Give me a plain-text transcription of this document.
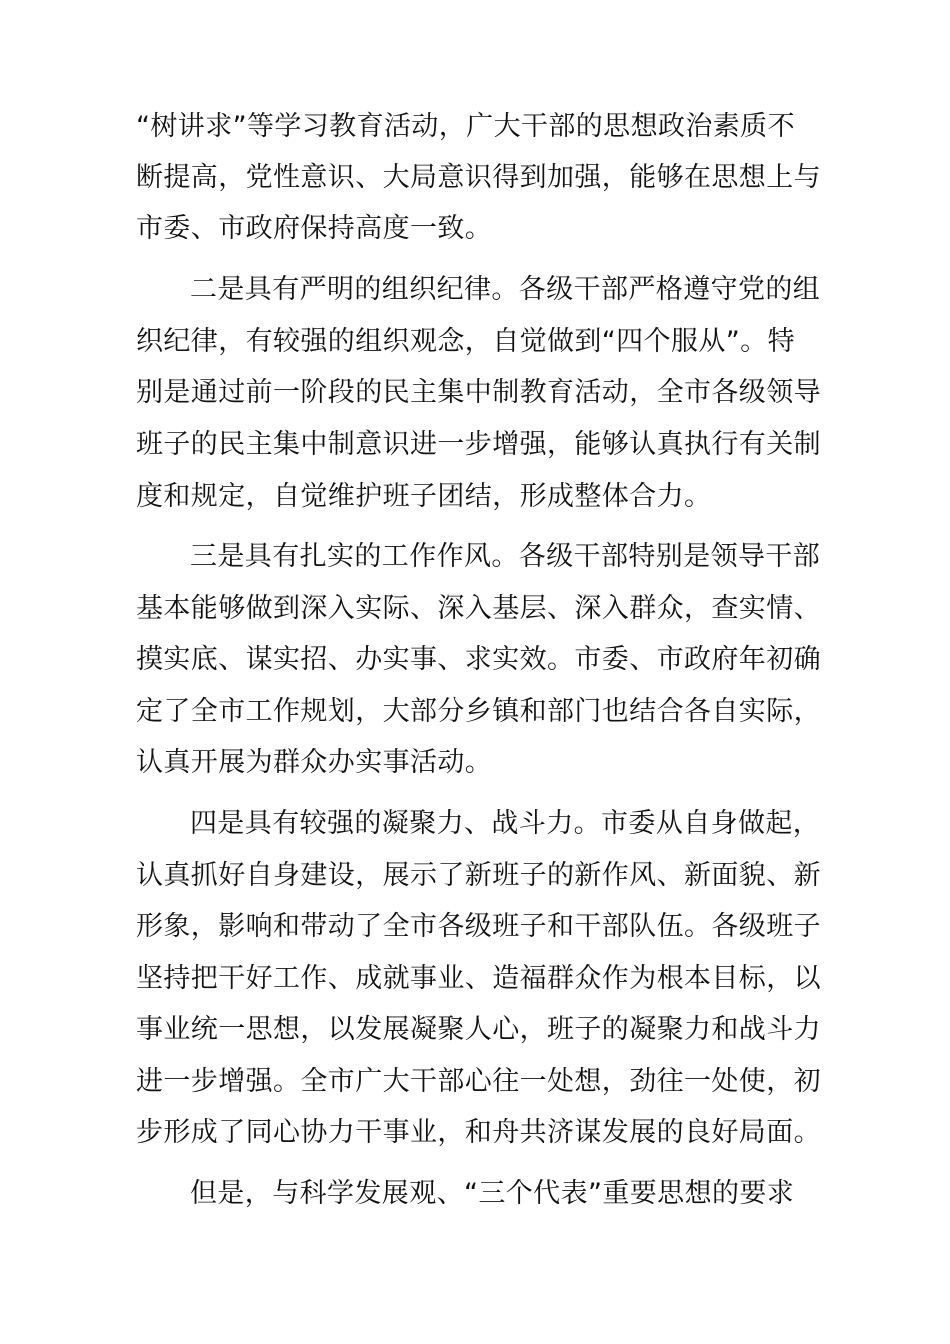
“树讲求”等学习教育活动，广大干部的思想政治素质不
断提高，党性意识、大局意识得到加强，能够在思想上与
市委、市政府保持高度一致。
二是具有严明的组织纪律。各级干部严格遵守党的组
织纪律，有较强的组织观念，自觉做到“四个服从”。特
别是通过前一阶段的民主集中制教育活动，全市各级领导
班子的民主集中制意识进一步增强，能够认真执行有关制
度和规定，自觉维护班子团结，形成整体合力。
三是具有扎实的工作作风。各级干部特别是领导干部
基本能够做到深入实际、深入基层、深入群众，查实情、
摸实底、谋实招、办实事、求实效。市委、市政府年初确
定了全市工作规划，大部分乡镇和部门也结合各自实际，
认真开展为群众办实事活动。
四是具有较强的凝聚力、战斗力。市委从自身做起，
认真抓好自身建设，展示了新班子的新作风、新面貌、新
形象，影响和带动了全市各级班子和干部队伍。各级班子
坚持把干好工作、成就事业、造福群众作为根本目标，以
事业统一思想，以发展凝聚人心，班子的凝聚力和战斗力
进一步增强。全市广大干部心往一处想，劲往一处使，初
步形成了同心协力干事业，和舟共济谋发展的良好局面。
但是，与科学发展观、“三个代表”重要思想的要求
